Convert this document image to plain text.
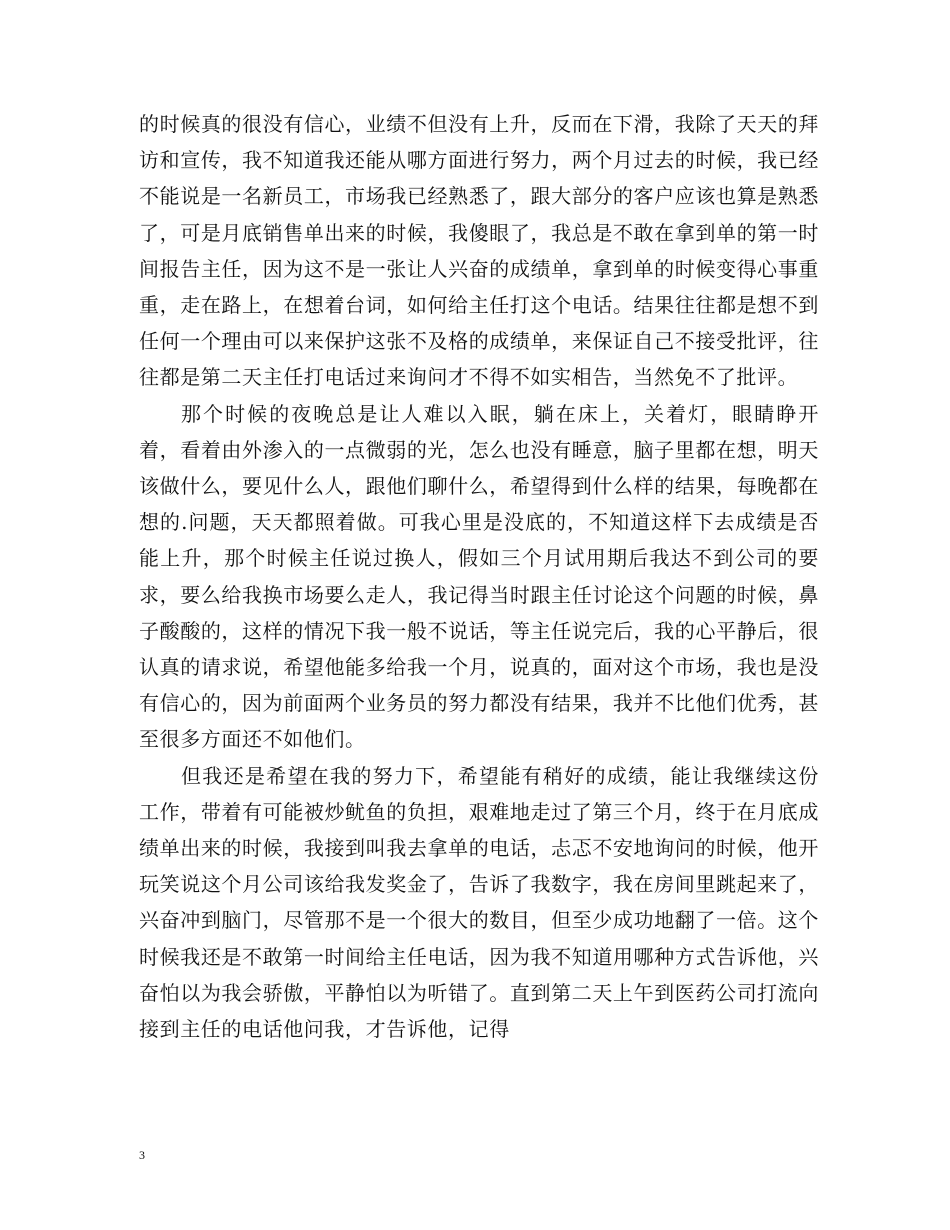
的时候真的很没有信心，业绩不但没有上升，反而在下滑，我除了天天的拜访和宣传，我不知道我还能从哪方面进行努力，两个月过去的时候，我已经不能说是一名新员工，市场我已经熟悉了，跟大部分的客户应该也算是熟悉了，可是月底销售单出来的时候，我傻眼了，我总是不敢在拿到单的第一时间报告主任，因为这不是一张让人兴奋的成绩单，拿到单的时候变得心事重重，走在路上，在想着台词，如何给主任打这个电话。结果往往都是想不到任何一个理由可以来保护这张不及格的成绩单，来保证自己不接受批评，往往都是第二天主任打电话过来询问才不得不如实相告，当然免不了批评。

那个时候的夜晚总是让人难以入眠，躺在床上，关着灯，眼睛睁开着，看着由外渗入的一点微弱的光，怎么也没有睡意，脑子里都在想，明天该做什么，要见什么人，跟他们聊什么，希望得到什么样的结果，每晚都在想的.问题，天天都照着做。可我心里是没底的，不知道这样下去成绩是否能上升，那个时候主任说过换人，假如三个月试用期后我达不到公司的要求，要么给我换市场要么走人，我记得当时跟主任讨论这个问题的时候，鼻子酸酸的，这样的情况下我一般不说话，等主任说完后，我的心平静后，很认真的请求说，希望他能多给我一个月，说真的，面对这个市场，我也是没有信心的，因为前面两个业务员的努力都没有结果，我并不比他们优秀，甚至很多方面还不如他们。

但我还是希望在我的努力下，希望能有稍好的成绩，能让我继续这份工作，带着有可能被炒鱿鱼的负担，艰难地走过了第三个月，终于在月底成绩单出来的时候，我接到叫我去拿单的电话，忐忑不安地询问的时候，他开玩笑说这个月公司该给我发奖金了，告诉了我数字，我在房间里跳起来了，兴奋冲到脑门，尽管那不是一个很大的数目，但至少成功地翻了一倍。这个时候我还是不敢第一时间给主任电话，因为我不知道用哪种方式告诉他，兴奋怕以为我会骄傲，平静怕以为听错了。直到第二天上午到医药公司打流向接到主任的电话他问我，才告诉他，记得

3
